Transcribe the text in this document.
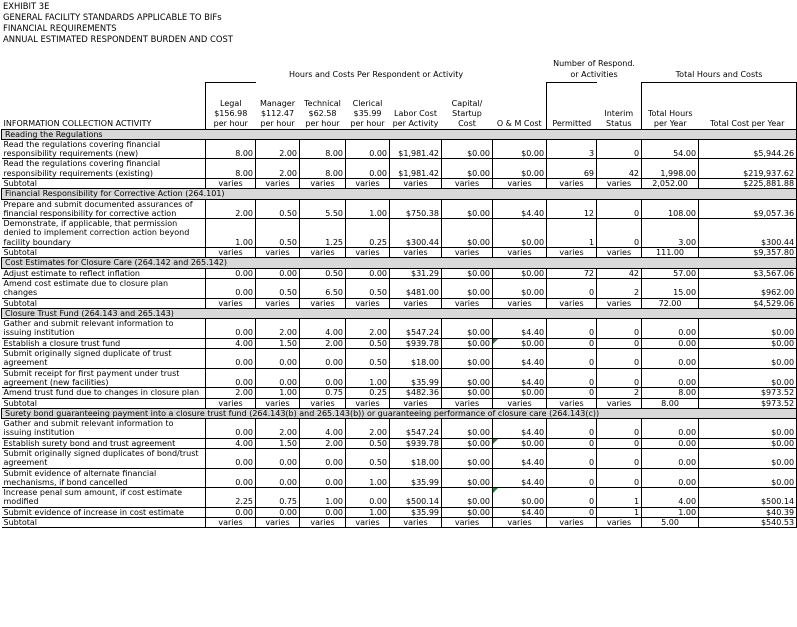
EXHIBIT 3E
GENERAL FACILITY STANDARDS APPLICABLE TO BIFs
FINANCIAL REQUIREMENTS
ANNUAL ESTIMATED RESPONDENT BURDEN AND COST
	Hours and Costs Per Respondent or Activity							Number of Respond. or Activities		Total Hours and Costs	
INFORMATION COLLECTION ACTIVITY	Legal $156.98 per hour	Manager $112.47 per hour	Technical $62.58 per hour	Clerical $35.99 per hour	Labor Cost per Activity	Capital/ Startup Cost	O & M Cost	Permitted	Interim Status	Total Hours per Year	Total Cost per Year
Reading the Regulations											
Read the regulations covering financial responsibility requirements (new)	8.00	2.00	8.00	0.00	$1,981.42	$0.00	$0.00	3	0	54.00	$5,944.26
Read the regulations covering financial responsibility requirements (existing)	8.00	2.00	8.00	0.00	$1,981.42	$0.00	$0.00	69	42	1,998.00	$219,937.62
Subtotal	varies	varies	varies	varies	varies	varies	varies	varies	varies	2,052.00	$225,881.88
Financial Responsibility for Corrective Action (264.101)											
Prepare and submit documented assurances of financial responsibility for corrective action	2.00	0.50	5.50	1.00	$750.38	$0.00	$4.40	12	0	108.00	$9,057.36
Demonstrate, if applicable, that permission denied to implement correction action beyond facility boundary	1.00	0.50	1.25	0.25	$300.44	$0.00	$0.00	1	0	3.00	$300.44
Subtotal	varies	varies	varies	varies	varies	varies	varies	varies	varies	111.00	$9,357.80
Cost Estimates for Closure Care (264.142 and 265.142)											
Adjust estimate to reflect inflation	0.00	0.00	0.50	0.00	$31.29	$0.00	$0.00	72	42	57.00	$3,567.06
Amend cost estimate due to closure plan changes	0.00	0.50	6.50	0.50	$481.00	$0.00	$0.00	0	2	15.00	$962.00
Subtotal	varies	varies	varies	varies	varies	varies	varies	varies	varies	72.00	$4,529.06
Closure Trust Fund (264.143 and 265.143)											
Gather and submit relevant information to issuing institution	0.00	2.00	4.00	2.00	$547.24	$0.00	$4.40	0	0	0.00	$0.00
Establish a closure trust fund	4.00	1.50	2.00	0.50	$939.78	$0.00	$0.00	0	0	0.00	$0.00
Submit originally signed duplicate of trust agreement	0.00	0.00	0.00	0.50	$18.00	$0.00	$4.40	0	0	0.00	$0.00
Submit receipt for first payment under trust agreement (new facilities)	0.00	0.00	0.00	1.00	$35.99	$0.00	$4.40	0	0	0.00	$0.00
Amend trust fund due to changes in closure plan	2.00	1.00	0.75	0.25	$482.36	$0.00	$0.00	0	2	8.00	$973.52
Subtotal	varies	varies	varies	varies	varies	varies	varies	varies	varies	8.00	$973.52
Surety bond guaranteeing payment into a closure trust fund (264.143(b) and 265.143(b)) or guaranteeing performance of closure care (264.143(c))											
Gather and submit relevant information to issuing institution	0.00	2.00	4.00	2.00	$547.24	$0.00	$4.40	0	0	0.00	$0.00
Establish surety bond and trust agreement	4.00	1.50	2.00	0.50	$939.78	$0.00	$0.00	0	0	0.00	$0.00
Submit originally signed duplicates of bond/trust agreement	0.00	0.00	0.00	0.50	$18.00	$0.00	$4.40	0	0	0.00	$0.00
Submit evidence of alternate financial mechanisms, if bond cancelled	0.00	0.00	0.00	1.00	$35.99	$0.00	$4.40	0	0	0.00	$0.00
Increase penal sum amount, if cost estimate modified	2.25	0.75	1.00	0.00	$500.14	$0.00	$0.00	0	1	4.00	$500.14
Submit evidence of increase in cost estimate	0.00	0.00	0.00	1.00	$35.99	$0.00	$4.40	0	1	1.00	$40.39
Subtotal	varies	varies	varies	varies	varies	varies	varies	varies	varies	5.00	$540.53
